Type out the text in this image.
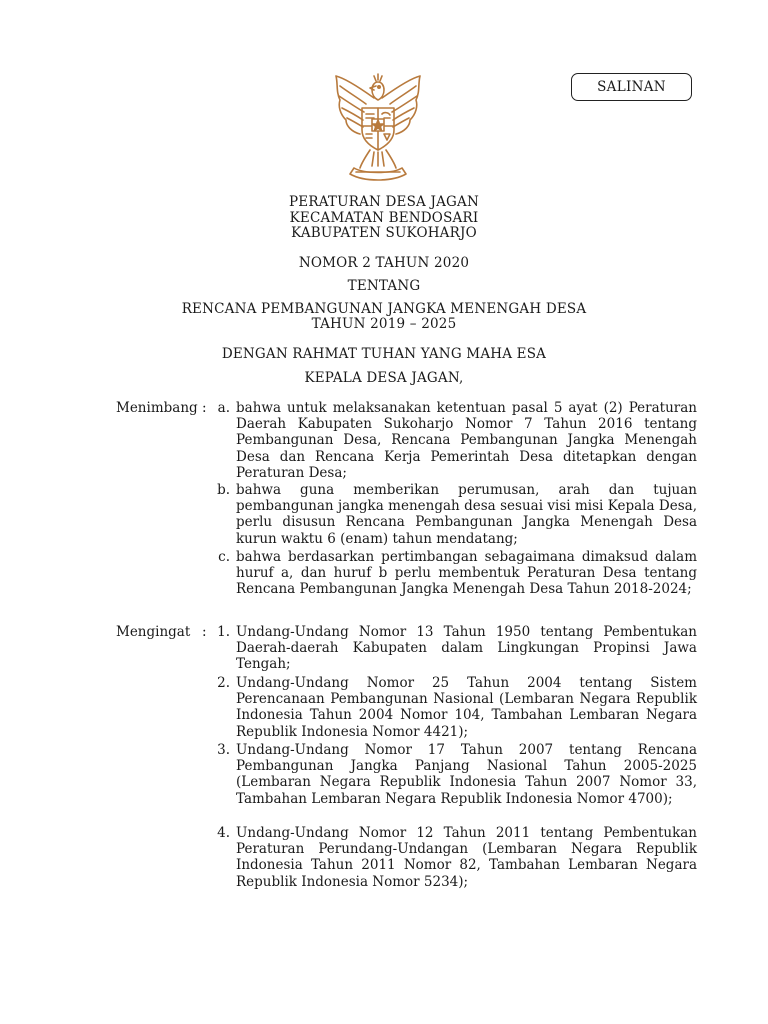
SALINAN
PERATURAN DESA JAGAN
KECAMATAN BENDOSARI
KABUPATEN SUKOHARJO
NOMOR 2 TAHUN 2020
TENTANG
RENCANA PEMBANGUNAN JANGKA MENENGAH DESA
TAHUN 2019 – 2025
DENGAN RAHMAT TUHAN YANG MAHA ESA
KEPALA DESA JAGAN,
Menimbang : a. bahwa untuk melaksanakan ketentuan pasal 5 ayat (2) Peraturan Daerah Kabupaten Sukoharjo Nomor 7 Tahun 2016 tentang Pembangunan Desa, Rencana Pembangunan Jangka Menengah Desa dan Rencana Kerja Pemerintah Desa ditetapkan dengan Peraturan Desa;
b. bahwa guna memberikan perumusan, arah dan tujuan pembangunan jangka menengah desa sesuai visi misi Kepala Desa, perlu disusun Rencana Pembangunan Jangka Menengah Desa kurun waktu 6 (enam) tahun mendatang;
c. bahwa berdasarkan pertimbangan sebagaimana dimaksud dalam huruf a, dan huruf b perlu membentuk Peraturan Desa tentang Rencana Pembangunan Jangka Menengah Desa Tahun 2018-2024;
Mengingat : 1. Undang-Undang Nomor 13 Tahun 1950 tentang Pembentukan Daerah-daerah Kabupaten dalam Lingkungan Propinsi Jawa Tengah;
2. Undang-Undang Nomor 25 Tahun 2004 tentang Sistem Perencanaan Pembangunan Nasional (Lembaran Negara Republik Indonesia Tahun 2004 Nomor 104, Tambahan Lembaran Negara Republik Indonesia Nomor 4421);
3. Undang-Undang Nomor 17 Tahun 2007 tentang Rencana Pembangunan Jangka Panjang Nasional Tahun 2005-2025 (Lembaran Negara Republik Indonesia Tahun 2007 Nomor 33, Tambahan Lembaran Negara Republik Indonesia Nomor 4700);
4. Undang-Undang Nomor 12 Tahun 2011 tentang Pembentukan Peraturan Perundang-Undangan (Lembaran Negara Republik Indonesia Tahun 2011 Nomor 82, Tambahan Lembaran Negara Republik Indonesia Nomor 5234);
